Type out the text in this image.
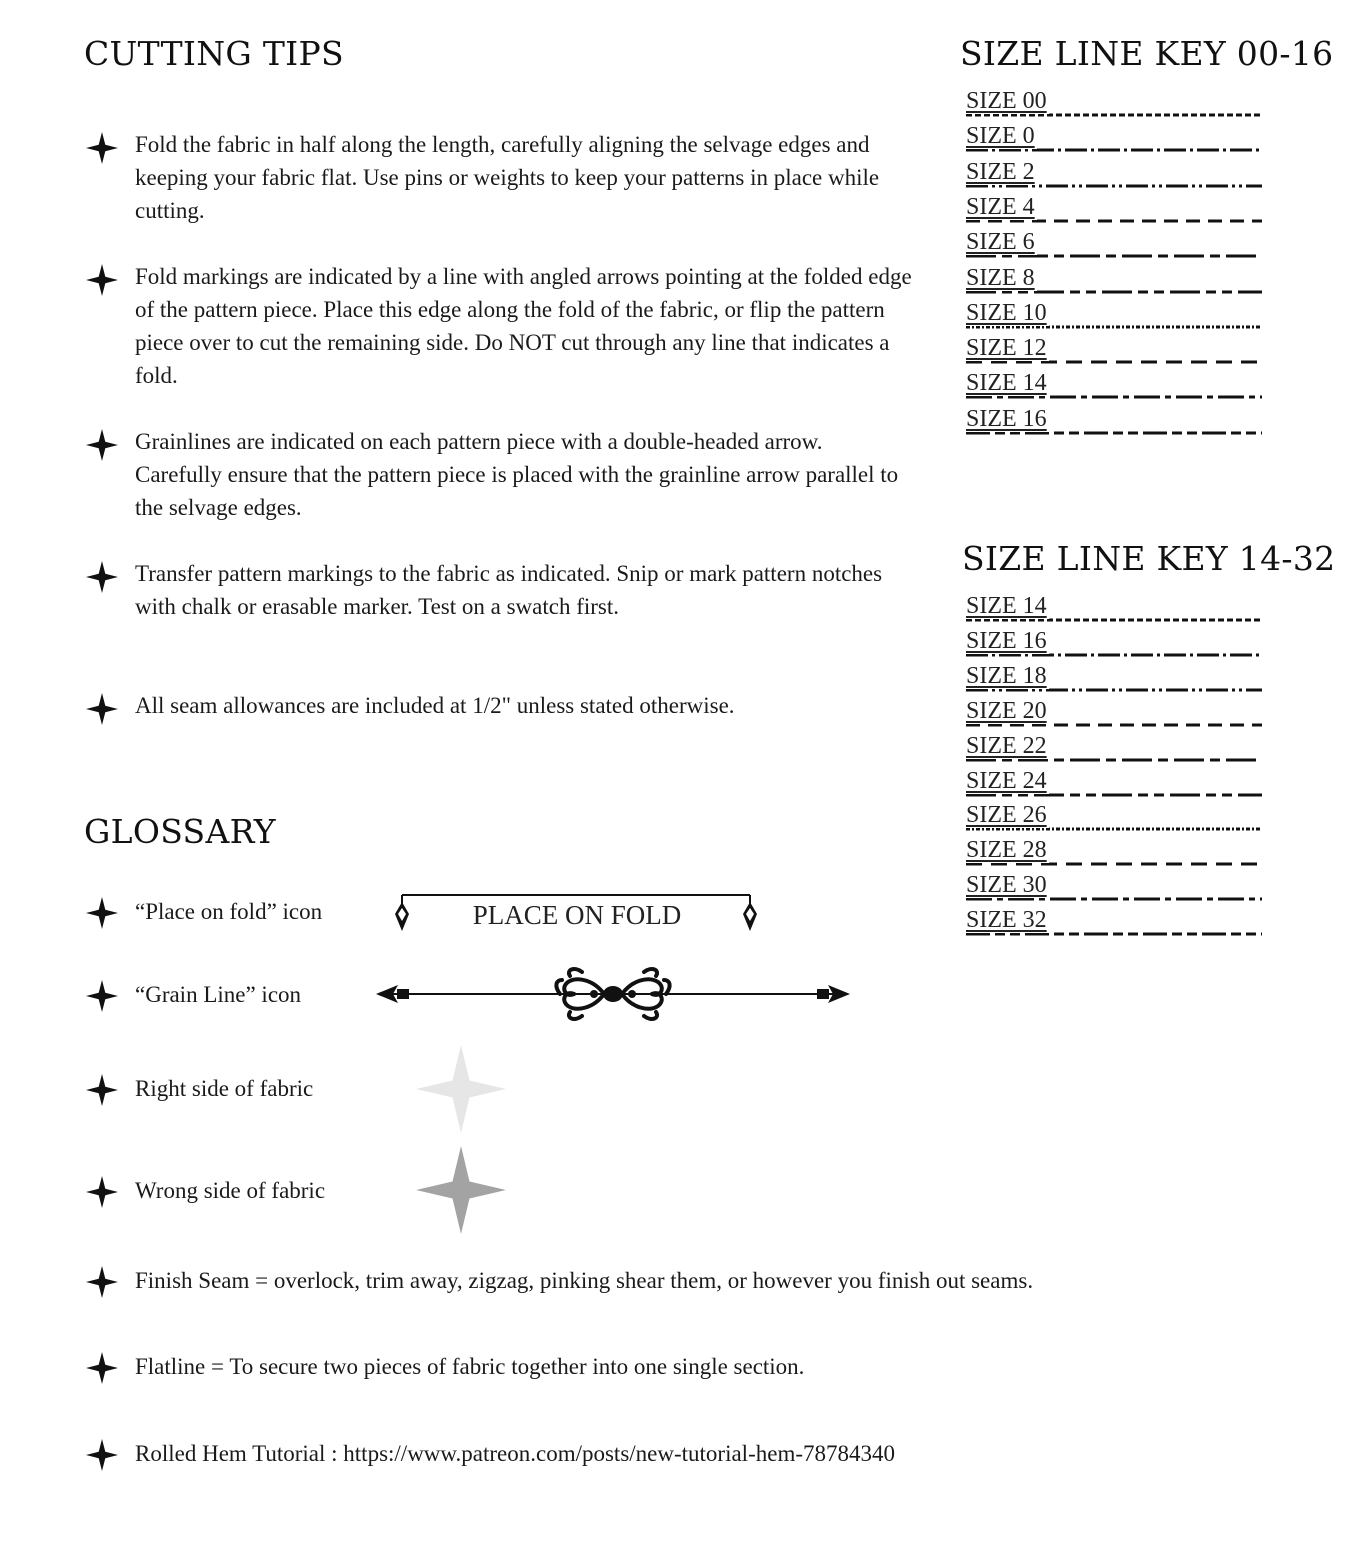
CUTTING TIPS
Fold the fabric in half along the length, carefully aligning the selvage edges and keeping your fabric flat. Use pins or weights to keep your patterns in place while cutting.
Fold markings are indicated by a line with angled arrows pointing at the folded edge of the pattern piece. Place this edge along the fold of the fabric, or flip the pattern piece over to cut the remaining side. Do NOT cut through any line that indicates a fold.
Grainlines are indicated on each pattern piece with a double-headed arrow. Carefully ensure that the pattern piece is placed with the grainline arrow parallel to the selvage edges.
Transfer pattern markings to the fabric as indicated. Snip or mark pattern notches with chalk or erasable marker. Test on a swatch first.
All seam allowances are included at 1/2" unless stated otherwise.
GLOSSARY
“Place on fold” icon	PLACE ON FOLD
“Grain Line” icon
Right side of fabric
Wrong side of fabric
Finish Seam = overlock, trim away, zigzag, pinking shear them, or however you finish out seams.
Flatline = To secure two pieces of fabric together into one single section.
Rolled Hem Tutorial : https://www.patreon.com/posts/new-tutorial-hem-78784340
SIZE LINE KEY 00-16
SIZE 00
SIZE 0
SIZE 2
SIZE 4
SIZE 6
SIZE 8
SIZE 10
SIZE 12
SIZE 14
SIZE 16
SIZE LINE KEY 14-32
SIZE 14
SIZE 16
SIZE 18
SIZE 20
SIZE 22
SIZE 24
SIZE 26
SIZE 28
SIZE 30
SIZE 32
